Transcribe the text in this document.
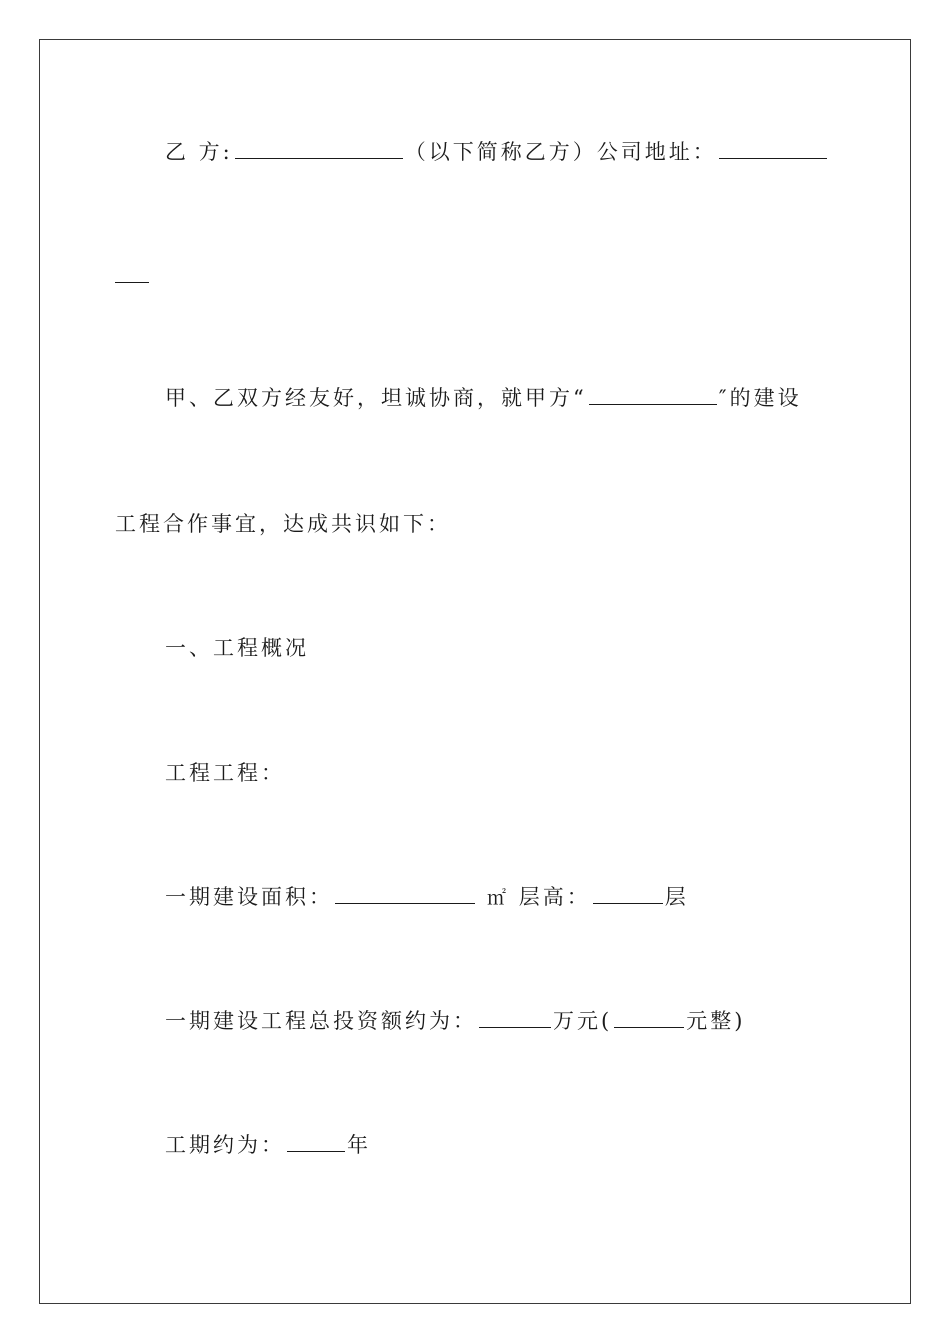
乙 方:	（以下简称乙方）公司地址：
甲、乙双方经友好，坦诚协商，就甲方“	″的建设
工程合作事宜，达成共识如下：
一、工程概况
工程工程：
一期建设面积：	㎡ 层高：	层
一期建设工程总投资额约为：	万元(	元整)
工期约为：	年
